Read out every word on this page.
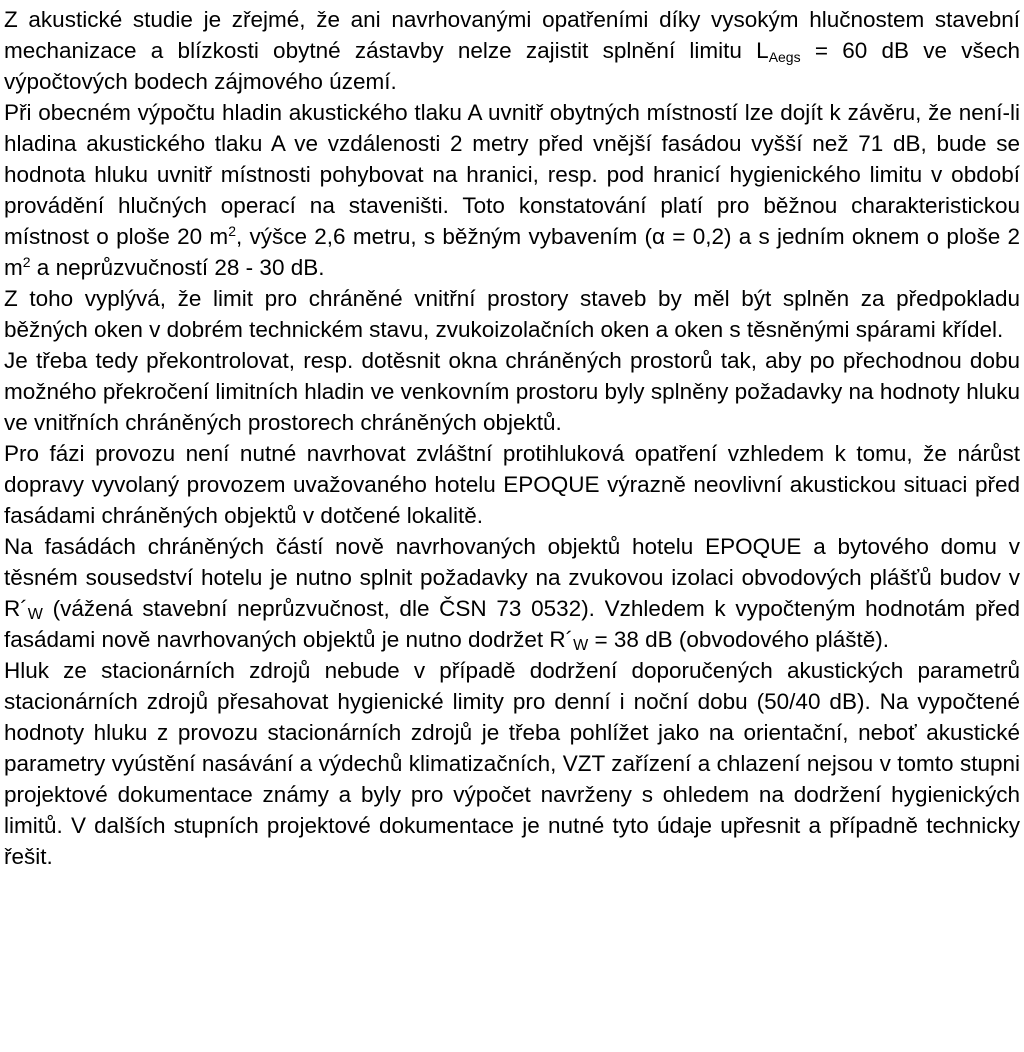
Z akustické studie je zřejmé, že ani navrhovanými opatřeními díky vysokým hlučnostem stavební mechanizace a blízkosti obytné zástavby nelze zajistit splnění limitu $L_{Aegs} = 60$ dB ve všech výpočtových bodech zájmového území.

Při obecném výpočtu hladin akustického tlaku A uvnitř obytných místností lze dojít k závěru, že není-li hladina akustického tlaku A ve vzdálenosti 2 metry před vnější fasádou vyšší než 71 dB, bude se hodnota hluku uvnitř místnosti pohybovat na hranici, resp. pod hranicí hygienického limitu v období provádění hlučných operací na staveništi. Toto konstatování platí pro běžnou charakteristickou místnost o ploše 20 $m^2$, výšce 2,6 metru, s běžným vybavením (α = 0,2) a s jedním oknem o ploše 2 $m^2$ a neprůzvučností 28 - 30 dB.

Z toho vyplývá, že limit pro chráněné vnitřní prostory staveb by měl být splněn za předpokladu běžných oken v dobrém technickém stavu, zvukoizolačních oken a oken s těsněnými spárami křídel.

Je třeba tedy překontrolovat, resp. dotěsnit okna chráněných prostorů tak, aby po přechodnou dobu možného překročení limitních hladin ve venkovním prostoru byly splněny požadavky na hodnoty hluku ve vnitřních chráněných prostorech chráněných objektů.

Pro fázi provozu není nutné navrhovat zvláštní protihluková opatření vzhledem k tomu, že nárůst dopravy vyvolaný provozem uvažovaného hotelu EPOQUE výrazně neovlivní akustickou situaci před fasádami chráněných objektů v dotčené lokalitě.

Na fasádách chráněných částí nově navrhovaných objektů hotelu EPOQUE a bytového domu v těsném sousedství hotelu je nutno splnit požadavky na zvukovou izolaci obvodových plášťů budov v R´W (vážená stavební neprůzvučnost, dle ČSN 73 0532). Vzhledem k vypočteným hodnotám před fasádami nově navrhovaných objektů je nutno dodržet R´W = 38 dB (obvodového pláště).

Hluk ze stacionárních zdrojů nebude v případě dodržení doporučených akustických parametrů stacionárních zdrojů přesahovat hygienické limity pro denní i noční dobu (50/40 dB). Na vypočtené hodnoty hluku z provozu stacionárních zdrojů je třeba pohlížet jako na orientační, neboť akustické parametry vyústění nasávání a výdechů klimatizačních, VZT zařízení a chlazení nejsou v tomto stupni projektové dokumentace známy a byly pro výpočet navrženy s ohledem na dodržení hygienických limitů. V dalších stupních projektové dokumentace je nutné tyto údaje upřesnit a případně technicky řešit.
